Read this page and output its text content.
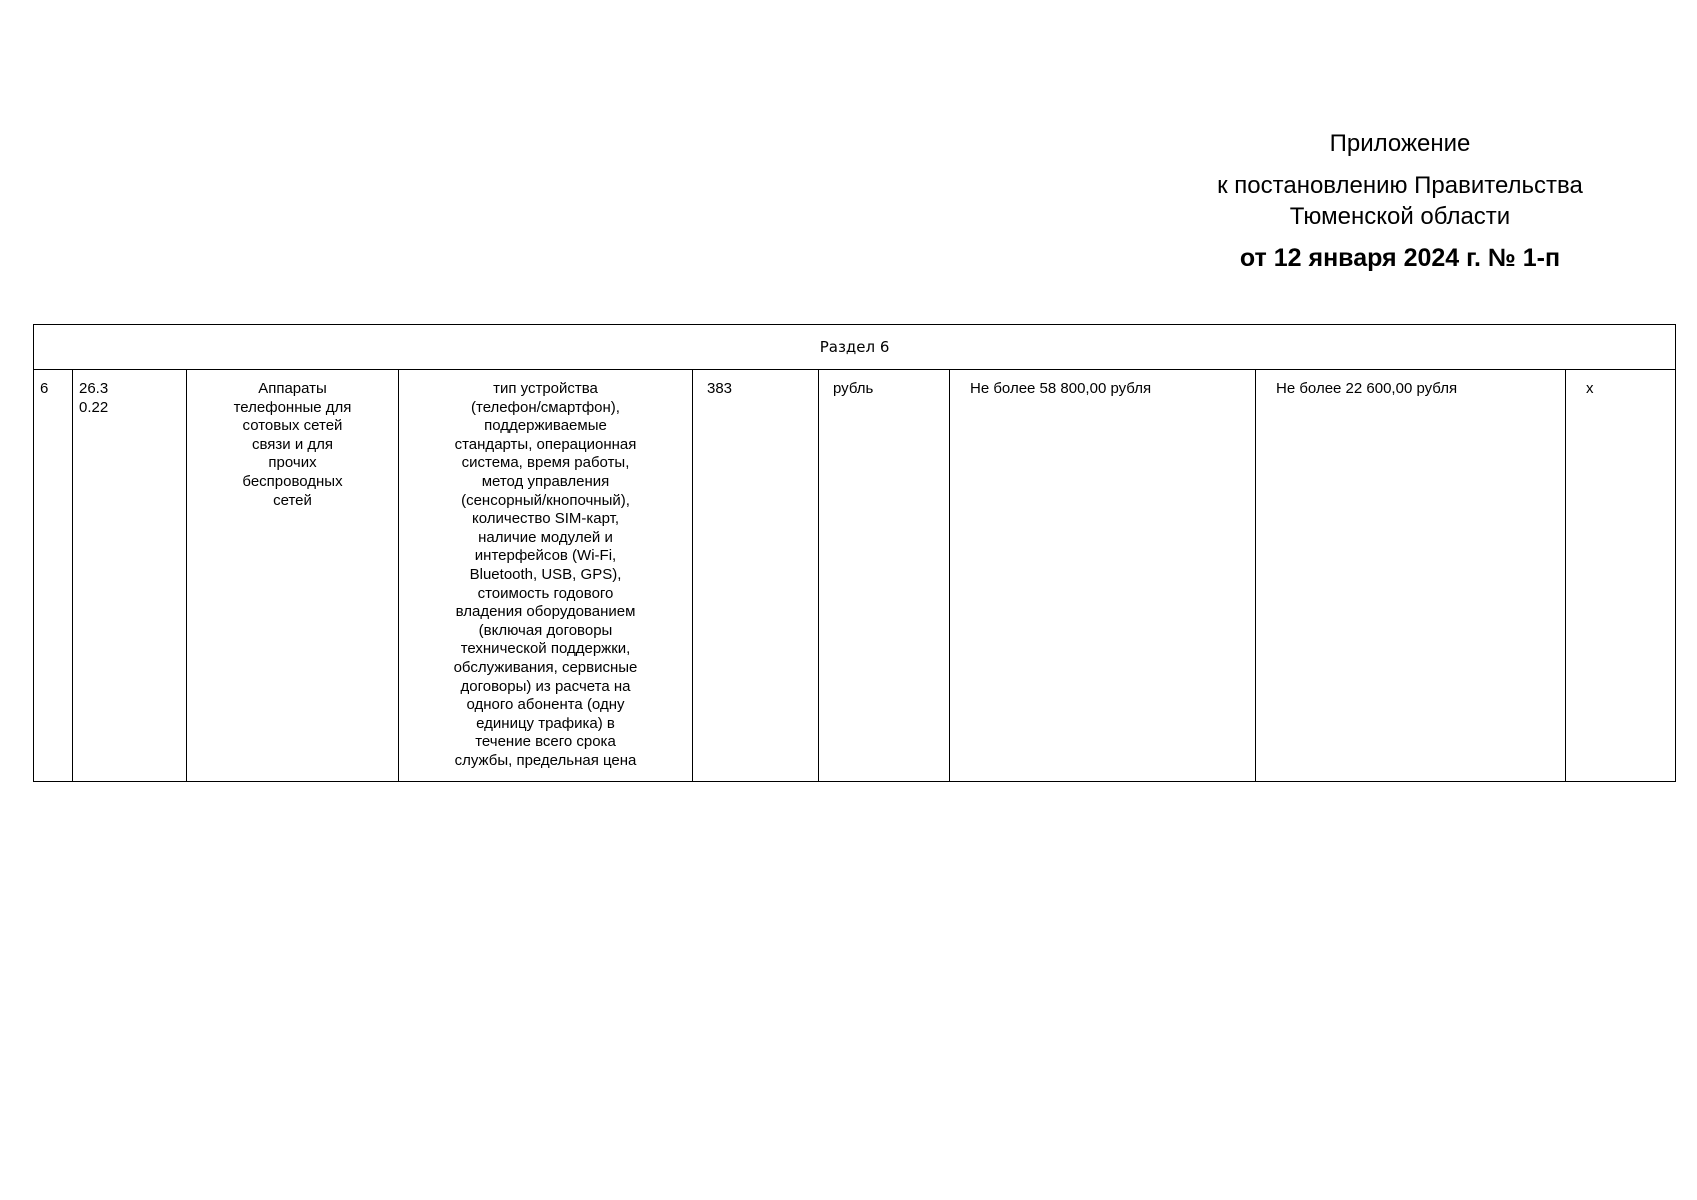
Приложение
к постановлению Правительства
Тюменской области
от 12 января 2024 г. № 1-п
Раздел 6
6	26.3
0.22	Аппараты
телефонные для
сотовых сетей
связи и для
прочих
беспроводных
сетей	тип устройства
(телефон/смартфон),
поддерживаемые
стандарты, операционная
система, время работы,
метод управления
(сенсорный/кнопочный),
количество SIM-карт,
наличие модулей и
интерфейсов (Wi-Fi,
Bluetooth, USB, GPS),
стоимость годового
владения оборудованием
(включая договоры
технической поддержки,
обслуживания, сервисные
договоры) из расчета на
одного абонента (одну
единицу трафика) в
течение всего срока
службы, предельная цена	383	рубль	Не более 58 800,00 рубля	Не более 22 600,00 рубля	x
